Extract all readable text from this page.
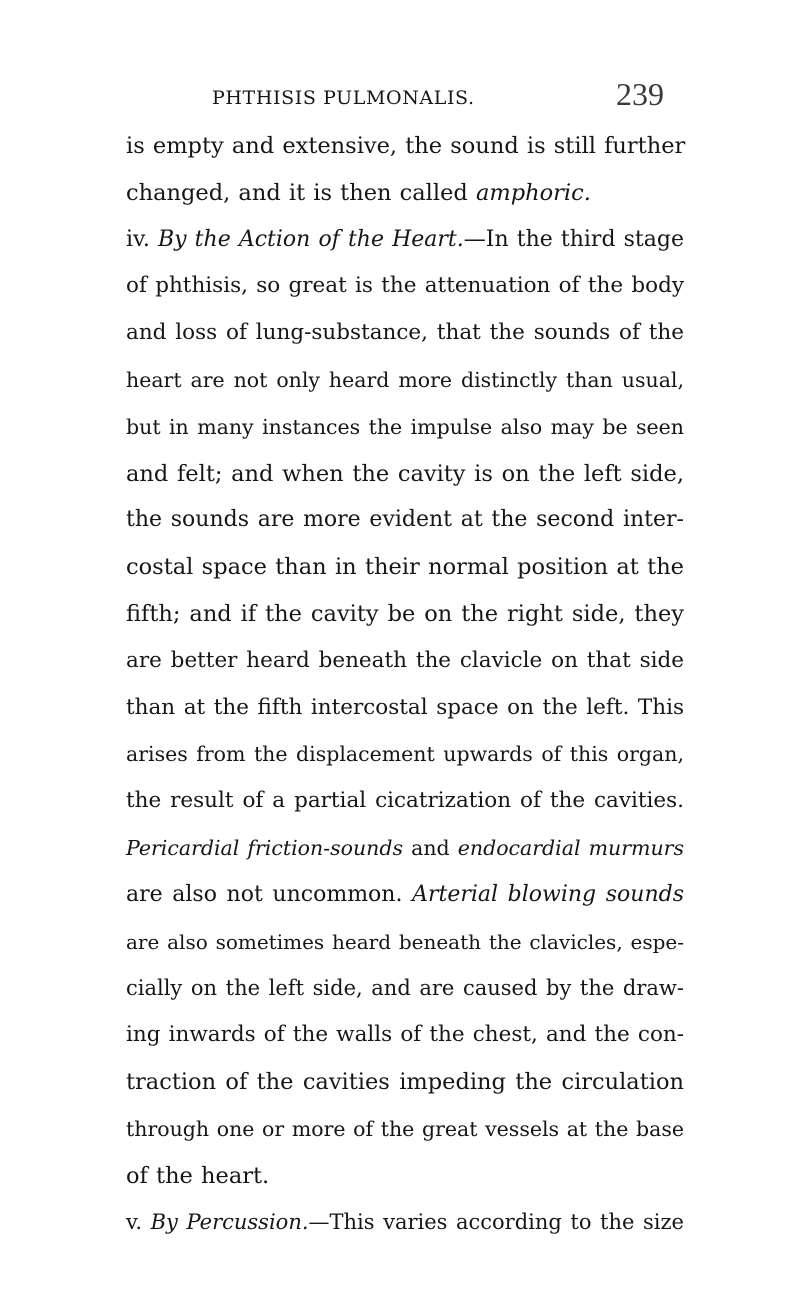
PHTHISIS PULMONALIS.	239
is empty and extensive, the sound is still further
changed, and it is then called amphoric.
iv. By the Action of the Heart.—In the third stage
of phthisis, so great is the attenuation of the body
and loss of lung-substance, that the sounds of the
heart are not only heard more distinctly than usual,
but in many instances the impulse also may be seen
and felt; and when the cavity is on the left side,
the sounds are more evident at the second inter-
costal space than in their normal position at the
fifth; and if the cavity be on the right side, they
are better heard beneath the clavicle on that side
than at the fifth intercostal space on the left. This
arises from the displacement upwards of this organ,
the result of a partial cicatrization of the cavities.
Pericardial friction-sounds and endocardial murmurs
are also not uncommon. Arterial blowing sounds
are also sometimes heard beneath the clavicles, espe-
cially on the left side, and are caused by the draw-
ing inwards of the walls of the chest, and the con-
traction of the cavities impeding the circulation
through one or more of the great vessels at the base
of the heart.
v. By Percussion.—This varies according to the size
